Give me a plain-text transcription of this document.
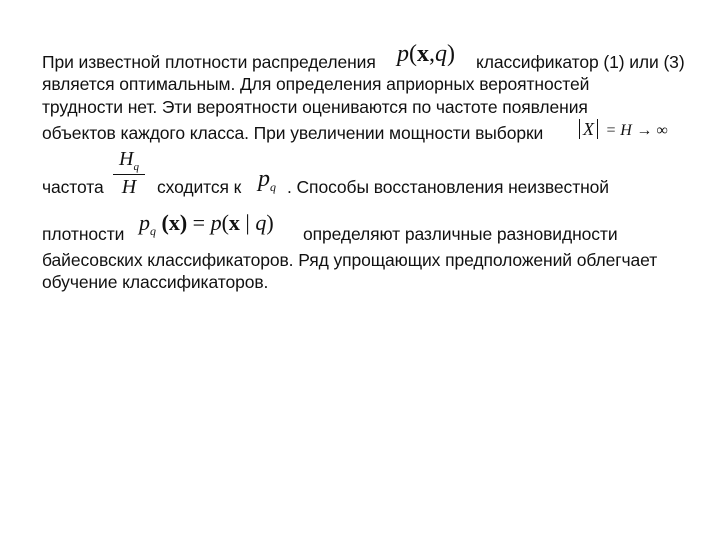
При известной плотности распределения p(x,q) классификатор (1) или (3)
является оптимальным. Для определения априорных вероятностей
трудности нет. Эти вероятности оцениваются по частоте появления
объектов каждого класса. При увеличении мощности выборки	X = H → ∞
частота
$H_q$
H	сходится к $p_q$ . Способы восстановления неизвестной
плотности $p_q$ (x) = p(x | q) определяют различные разновидности
байесовских классификаторов. Ряд упрощающих предположений облегчает
обучение классификаторов.
